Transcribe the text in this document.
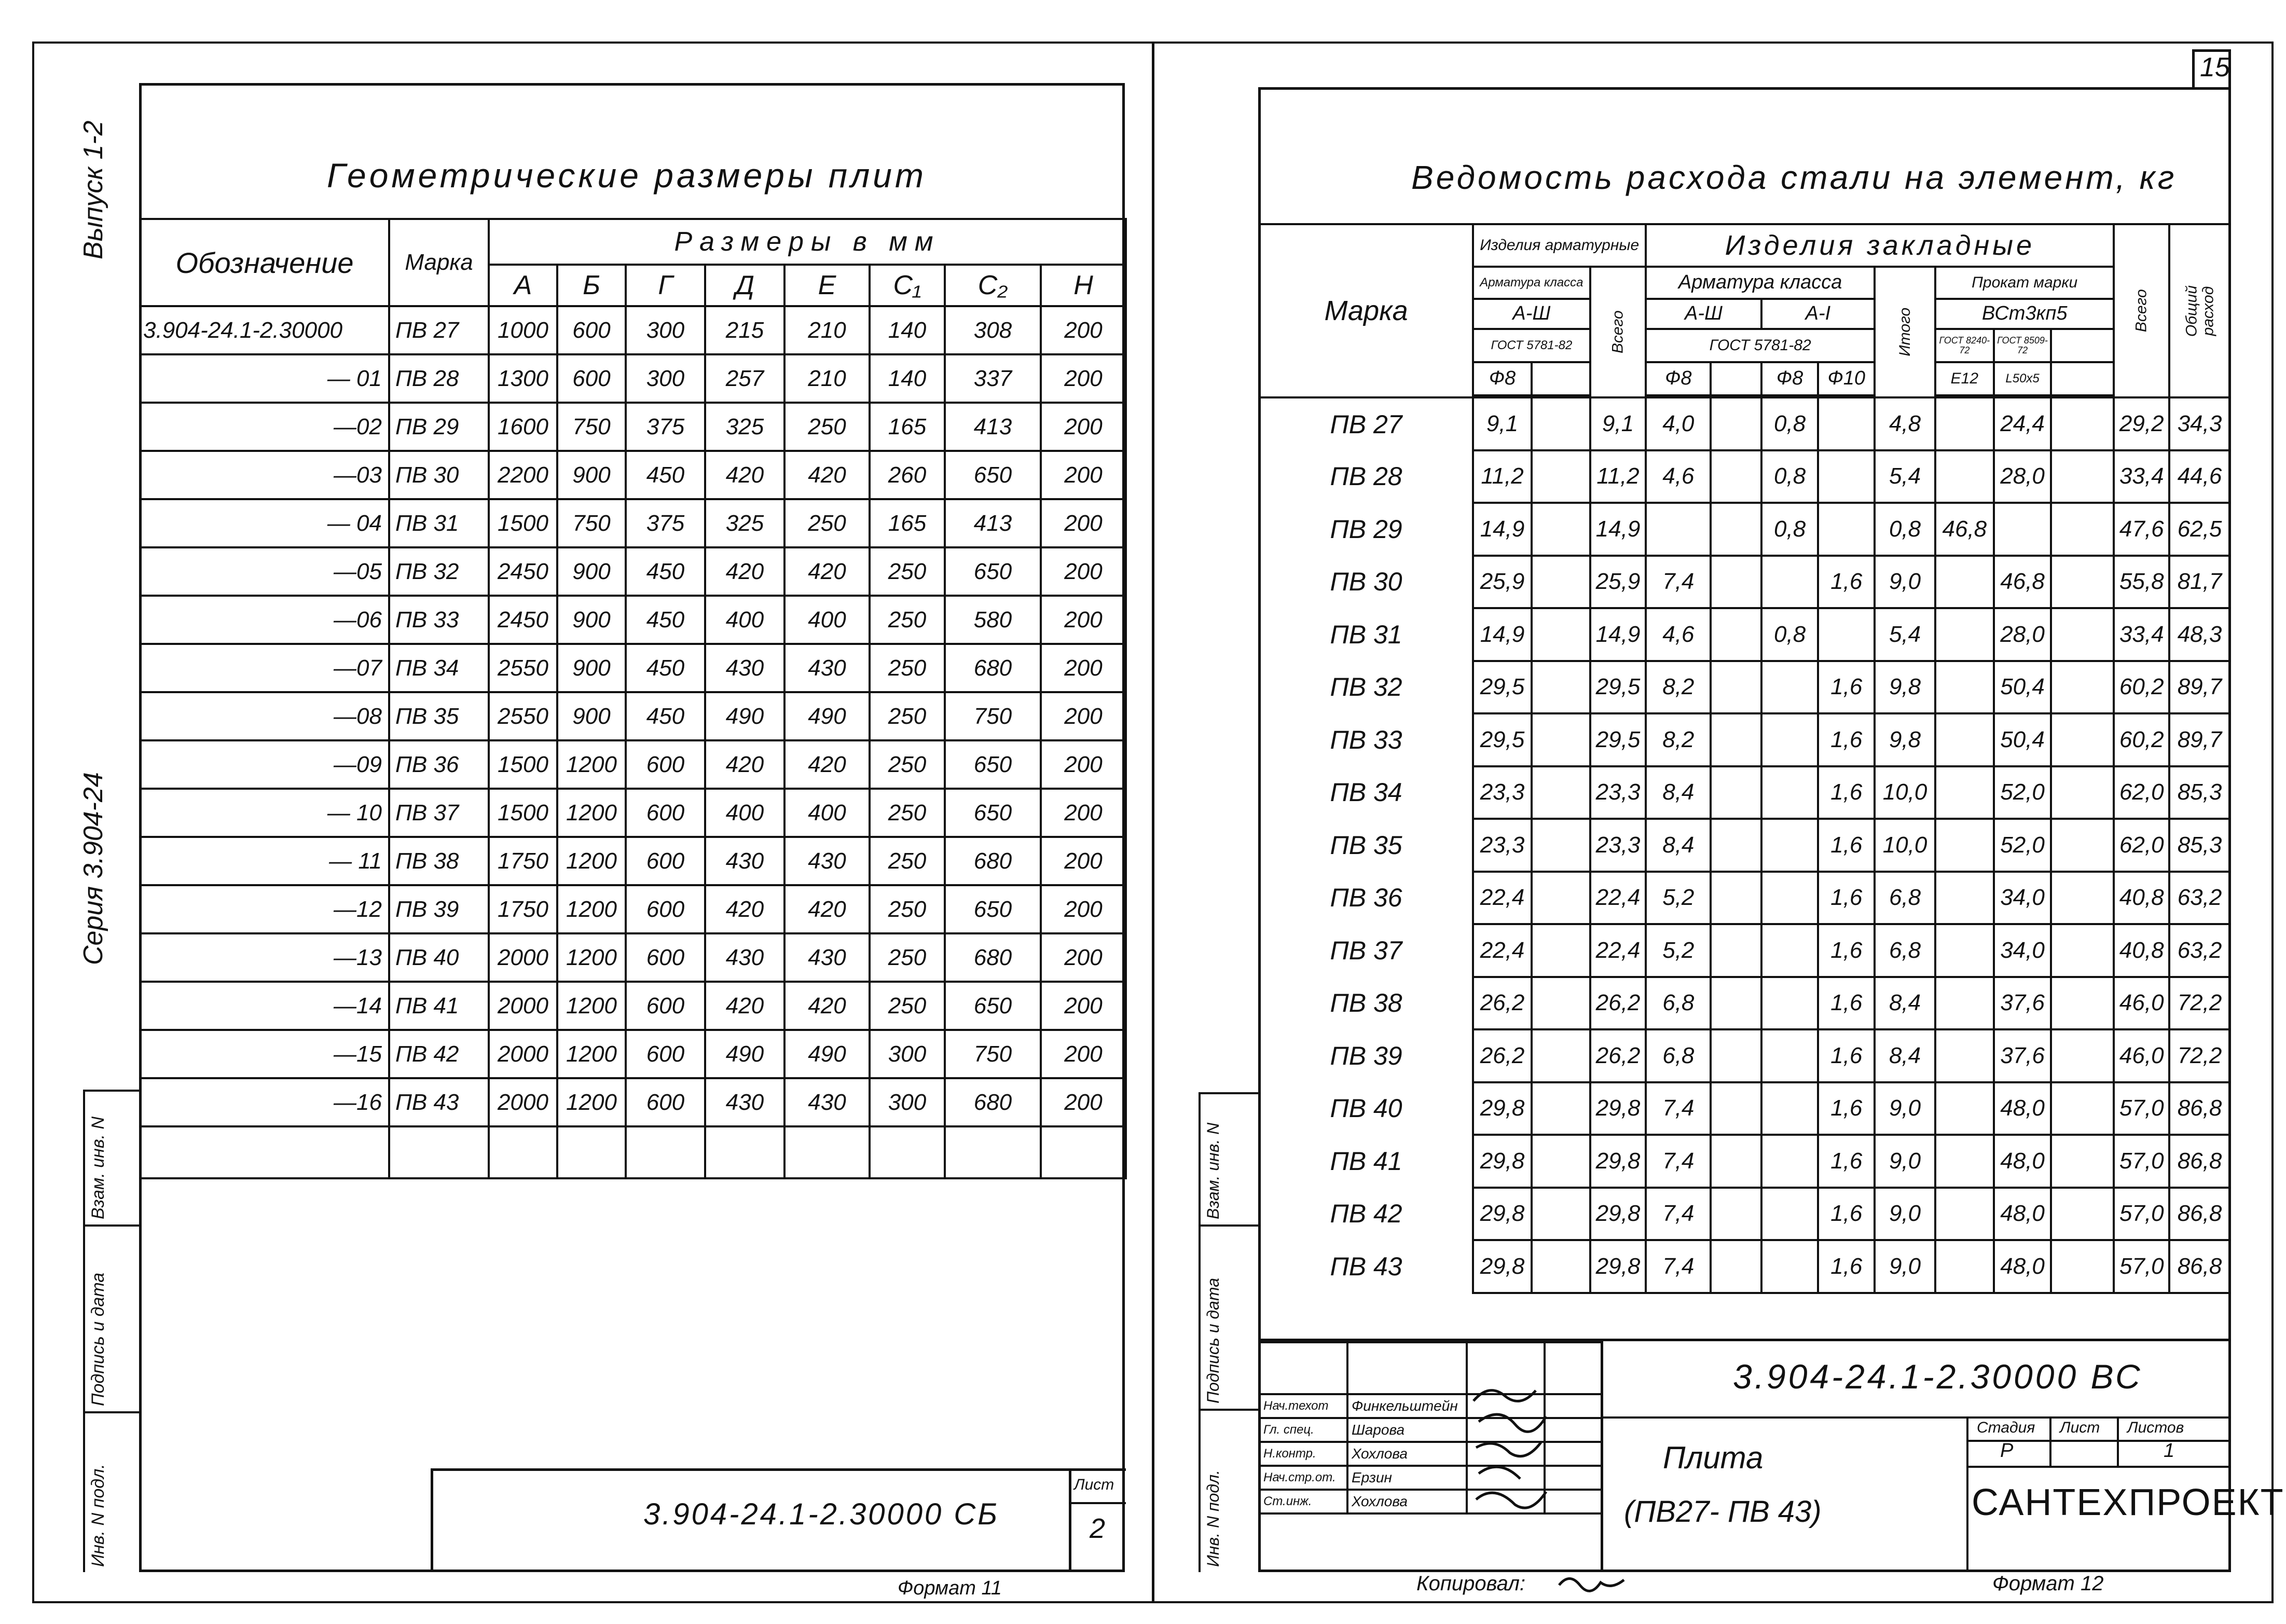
Выпуск 1-2
Серия 3.904-24
Геометрические размеры плит
Обозначение	Марка	Размеры в мм							
		А	Б	Г	Д	Е	С₁	С₂	Н
3.904-24.1-2.30000	ПВ 27	1000	600	300	215	210	140	308	200
— 01	ПВ 28	1300	600	300	257	210	140	337	200
—02	ПВ 29	1600	750	375	325	250	165	413	200
—03	ПВ 30	2200	900	450	420	420	260	650	200
— 04	ПВ 31	1500	750	375	325	250	165	413	200
—05	ПВ 32	2450	900	450	420	420	250	650	200
—06	ПВ 33	2450	900	450	400	400	250	580	200
—07	ПВ 34	2550	900	450	430	430	250	680	200
—08	ПВ 35	2550	900	450	490	490	250	750	200
—09	ПВ 36	1500	1200	600	420	420	250	650	200
— 10	ПВ 37	1500	1200	600	400	400	250	650	200
— 11	ПВ 38	1750	1200	600	430	430	250	680	200
—12	ПВ 39	1750	1200	600	420	420	250	650	200
—13	ПВ 40	2000	1200	600	430	430	250	680	200
—14	ПВ 41	2000	1200	600	420	420	250	650	200
—15	ПВ 42	2000	1200	600	490	490	300	750	200
—16	ПВ 43	2000	1200	600	430	430	300	680	200

Взам. инв. N
Подпись и дата
Инв. N подл.	3.904-24.1-2.30000 СБ
Лист
2
Формат 11
15
Ведомость расхода стали на элемент, кг
Марка	Изделия арматурные			Изделия закладные								Всего	Общий расход
	Арматура класса		Всего	Арматура класса				Итого	Прокат марки				
	А-Ш			А-Ш		А-I			ВСт3кп5				
	ГОСТ 5781-82			ГОСТ 5781-82					ГОСТ 8240-72	ГОСТ 8509-72			
	Ф8			Ф8		Ф8	Ф10		Е12	L50х5			

ПВ 27	9,1		9,1	4,0		0,8		4,8		24,4		29,2	34,3
ПВ 28	11,2		11,2	4,6		0,8		5,4		28,0		33,4	44,6
ПВ 29	14,9		14,9			0,8		0,8	46,8			47,6	62,5
ПВ 30	25,9		25,9	7,4			1,6	9,0		46,8		55,8	81,7
ПВ 31	14,9		14,9	4,6		0,8		5,4		28,0		33,4	48,3
ПВ 32	29,5		29,5	8,2			1,6	9,8		50,4		60,2	89,7
ПВ 33	29,5		29,5	8,2			1,6	9,8		50,4		60,2	89,7
ПВ 34	23,3		23,3	8,4			1,6	10,0		52,0		62,0	85,3
ПВ 35	23,3		23,3	8,4			1,6	10,0		52,0		62,0	85,3
ПВ 36	22,4		22,4	5,2			1,6	6,8		34,0		40,8	63,2
ПВ 37	22,4		22,4	5,2			1,6	6,8		34,0		40,8	63,2
ПВ 38	26,2		26,2	6,8			1,6	8,4		37,6		46,0	72,2
ПВ 39	26,2		26,2	6,8			1,6	8,4		37,6		46,0	72,2
ПВ 40	29,8		29,8	7,4			1,6	9,0		48,0		57,0	86,8
ПВ 41	29,8		29,8	7,4			1,6	9,0		48,0		57,0	86,8
ПВ 42	29,8		29,8	7,4			1,6	9,0		48,0		57,0	86,8
ПВ 43	29,8		29,8	7,4			1,6	9,0		48,0		57,0	86,8
Взам. инв. N
Подпись и дата
Инв. N подл.
3.904-24.1-2.30000 ВС
Плита
(ПВ27- ПВ 43)
Стадия Лист Листов
Р	1
САНТЕХПРОЕКТ

Нач.техот	Финкельштейн		
Гл. спец.	Шарова		
Н.контр.	Хохлова		
Нач.стр.от.	Ерзин		
Ст.инж.	Хохлова		
Копировал:	Формат 12
